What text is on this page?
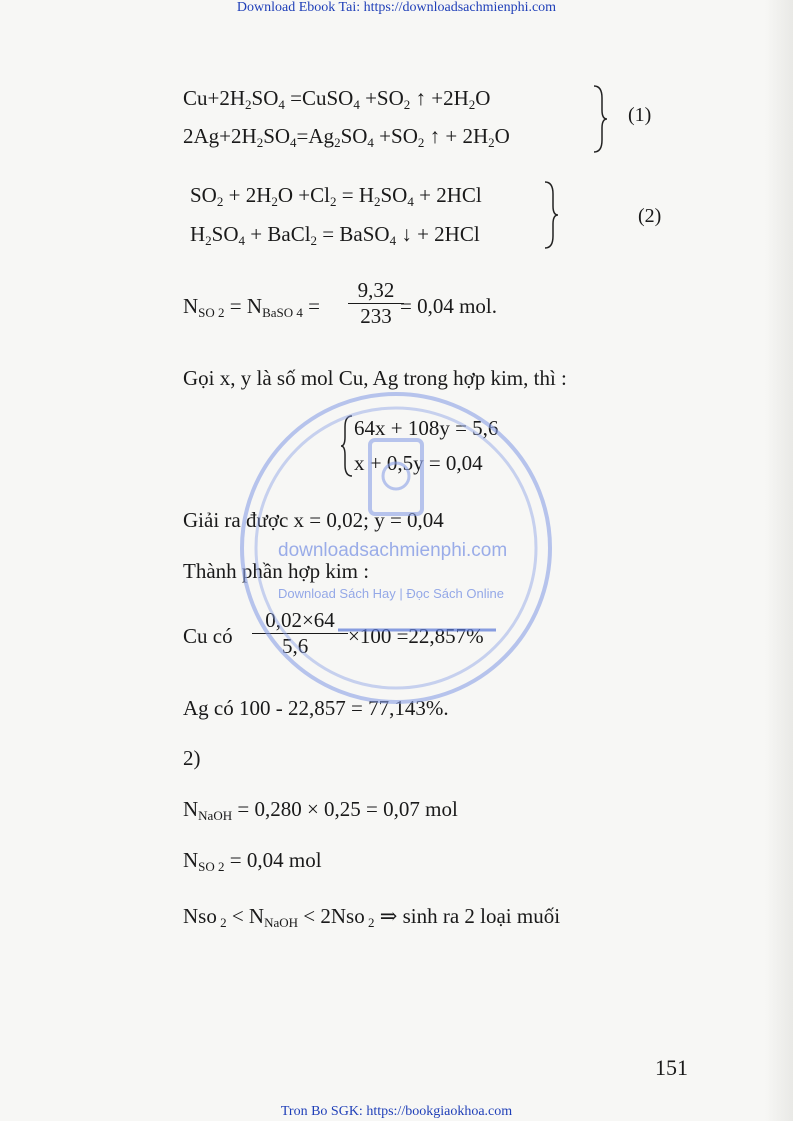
Download Ebook Tai: https://downloadsachmienphi.com
$Cu+2H_2SO_4$ =CuSO$_4$ $+SO_2$ ↑ $+2H_2O$
$2Ag+2H_2SO_4=Ag_2SO_4 +SO_2$ ↑ + $2H_2O$
(1)
$SO_2 + 2H_2O +Cl_2 = H_2SO_4 + 2HCl$
$H_2SO_4$ + BaCl$_2$ = BaSO$_4$ ↓ + 2HCl
(2)
$N_{SO 2} = N_{BaSO 4} = \frac{9,32}{233}$
= 0,04 mol.
Gọi x, y là số mol Cu, Ag trong hợp kim, thì :
64x + 108y = 5,6
x + 0,5y = 0,04
Giải ra được x = 0,02; y = 0,04
Thành phần hợp kim :
Cu có $\frac{0,02\times 64}{5,6} \times 100 =22,857\%$
Ag có 100 - 22,857 = 77,143%.
2)
$N_{NaOH} = 0,280 \times 0,25 = 0,07$ mol
$N_{SO 2} = 0,04$ mol
Nso $_2 < N_{NaOH} < 2Nso$ $_2$ ⇒ sinh ra 2 loại muối
151
downloadsachmienphi.com
Download Sách Hay | Đọc Sách Online
Tron Bo SGK: https://bookgiaokhoa.com
